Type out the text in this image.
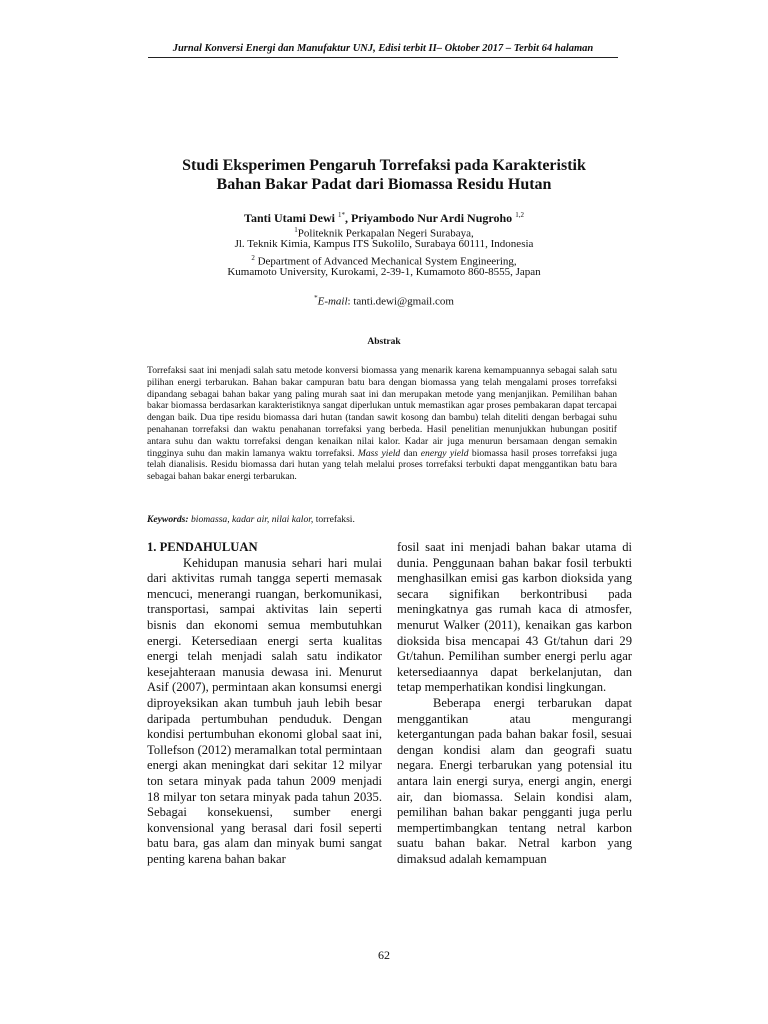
Jurnal Konversi Energi dan Manufaktur UNJ, Edisi terbit II– Oktober 2017 – Terbit 64 halaman
Studi Eksperimen Pengaruh Torrefaksi pada Karakteristik
Bahan Bakar Padat dari Biomassa Residu Hutan
Tanti Utami Dewi $^{1*}$, Priyambodo Nur Ardi Nugroho $^{1,2}$
$^1$Politeknik Perkapalan Negeri Surabaya,
Jl. Teknik Kimia, Kampus ITS Sukolilo, Surabaya 60111, Indonesia
$^2$ Department of Advanced Mechanical System Engineering,
Kumamoto University, Kurokami, 2-39-1, Kumamoto 860-8555, Japan
*E-mail: tanti.dewi@gmail.com
Abstrak
Torrefaksi saat ini menjadi salah satu metode konversi biomassa yang menarik karena kemampuannya sebagai salah satu pilihan energi terbarukan. Bahan bakar campuran batu bara dengan biomassa yang telah mengalami proses torrefaksi dipandang sebagai bahan bakar yang paling murah saat ini dan merupakan metode yang menjanjikan. Pemilihan bahan bakar biomassa berdasarkan karakteristiknya sangat diperlukan untuk memastikan agar proses pembakaran dapat tercapai dengan baik. Dua tipe residu biomassa dari hutan (tandan sawit kosong dan bambu) telah diteliti dengan berbagai suhu penahanan torrefaksi dan waktu penahanan torrefaksi yang berbeda. Hasil penelitian menunjukkan hubungan positif antara suhu dan waktu torrefaksi dengan kenaikan nilai kalor. Kadar air juga menurun bersamaan dengan semakin tingginya suhu dan makin lamanya waktu torrefaksi. Mass yield dan energy yield biomassa hasil proses torrefaksi juga telah dianalisis. Residu biomassa dari hutan yang telah melalui proses torrefaksi terbukti dapat menggantikan batu bara sebagai bahan bakar energi terbarukan.
Keywords: biomassa, kadar air, nilai kalor, torrefaksi.
1. PENDAHULUAN

Kehidupan manusia sehari hari mulai dari aktivitas rumah tangga seperti memasak mencuci, menerangi ruangan, berkomunikasi, transportasi, sampai aktivitas lain seperti bisnis dan ekonomi semua membutuhkan energi. Ketersediaan energi serta kualitas energi telah menjadi salah satu indikator kesejahteraan manusia dewasa ini. Menurut Asif (2007), permintaan akan konsumsi energi diproyeksikan akan tumbuh jauh lebih besar daripada pertumbuhan penduduk. Dengan kondisi pertumbuhan ekonomi global saat ini, Tollefson (2012) meramalkan total permintaan energi akan meningkat dari sekitar 12 milyar ton setara minyak pada tahun 2009 menjadi 18 milyar ton setara minyak pada tahun 2035. Sebagai konsekuensi, sumber energi konvensional yang berasal dari fosil seperti batu bara, gas alam dan minyak bumi sangat penting karena bahan bakar

fosil saat ini menjadi bahan bakar utama di dunia. Penggunaan bahan bakar fosil terbukti menghasilkan emisi gas karbon dioksida yang secara signifikan berkontribusi pada meningkatnya gas rumah kaca di atmosfer, menurut Walker (2011), kenaikan gas karbon dioksida bisa mencapai 43 Gt/tahun dari 29 Gt/tahun. Pemilihan sumber energi perlu agar ketersediaannya dapat berkelanjutan, dan tetap memperhatikan kondisi lingkungan.

Beberapa energi terbarukan dapat menggantikan atau mengurangi ketergantungan pada bahan bakar fosil, sesuai dengan kondisi alam dan geografi suatu negara. Energi terbarukan yang potensial itu antara lain energi surya, energi angin, energi air, dan biomassa. Selain kondisi alam, pemilihan bahan bakar pengganti juga perlu mempertimbangkan tentang netral karbon suatu bahan bakar. Netral karbon yang dimaksud adalah kemampuan

62
